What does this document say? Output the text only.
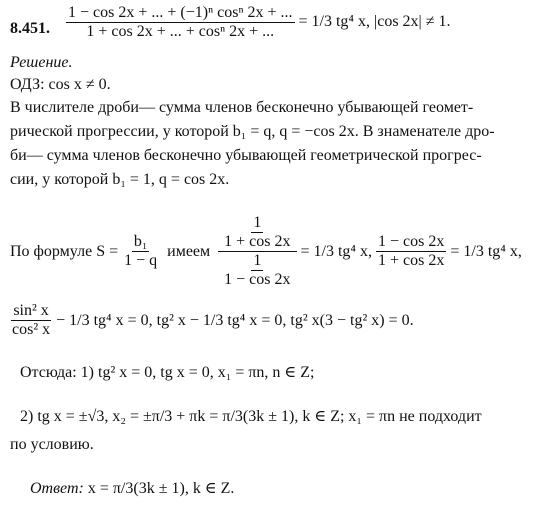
8.451. $\frac{\text{1 − cos 2x + ... + (−1)ⁿ cosⁿ 2x + ...}}{\text{1 + cos 2x + ... + cosⁿ 2x + ...}} = 1/3$ tg⁴ x, |cos 2x| ≠ 1.
Решение.
ОДЗ: cos x ≠ 0.
В числителе дроби— сумма членов бесконечно убывающей геомет-
рической прогрессии, у которой b₁ = q, q = −cos 2x. В знаменателе дро-
би— сумма членов бесконечно убывающей геометрической прогрес-
сии, у которой b₁ = 1, q = cos 2x.
По формуле $S = \frac{\text{b₁}}{1 - q}$ имеем $\frac{\frac{1}{1 + \cos 2x}}{\frac{1}{1 - \cos 2x}} = 1/3$ tg⁴ x, $\frac{1 - \cos 2x}{1 + \cos 2x} = 1/3$ tg⁴ x,
$\frac{\text{sin² x}}{\text{cos² x}} - 1/3$ tg⁴ x = 0, tg² x − 1/3 tg⁴ x = 0, tg² x(3 − tg² x) = 0.
Отсюда: 1) tg² x = 0, tg x = 0, x₁ = πn, n ∈ Z;
2) tg x = ±√3, x₂ = ±π/3 + πk = π/3(3k ± 1), k ∈ Z; x₁ = πn не подходит
по условию.
Ответ: x = π/3(3k ± 1), k ∈ Z.
